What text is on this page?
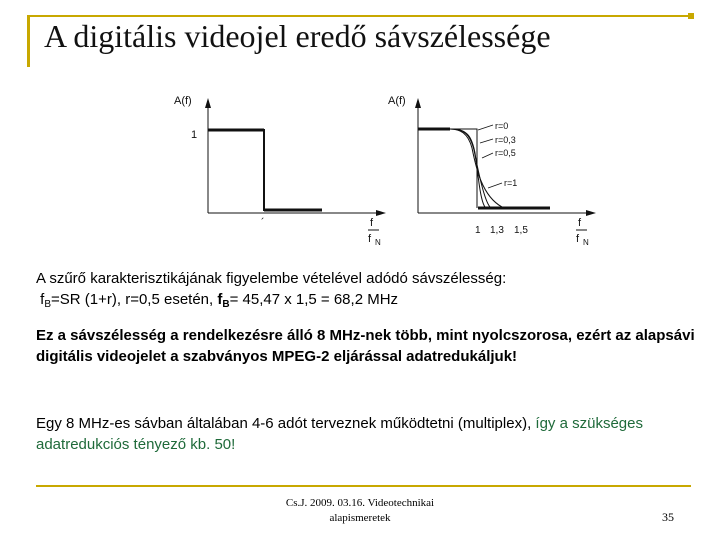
A digitális videojel eredő sávszélessége
A(f)
1
´	f
f N
A(f)
r=0
r=0,3
r=0,5
r=1
1 1,3 1,5
f
f N
A szűrő karakterisztikájának figyelembe vételével adódó sávszélesség:
$f_B=SR$ (1+r), r=0,5 esetén, $f_B= 45,47$ x 1,5 = 68,2 MHz
Ez a sávszélesség a rendelkezésre álló 8 MHz-nek több, mint nyolcszorosa, ezért az alapsávi digitális videojelet a szabványos MPEG-2 eljárással adatredukáljuk!
Egy 8 MHz-es sávban általában 4-6 adót terveznek működtetni (multiplex), így a szükséges adatredukciós tényező kb. 50!
Cs.J. 2009. 03.16. Videotechnikai
alapismeretek	35
